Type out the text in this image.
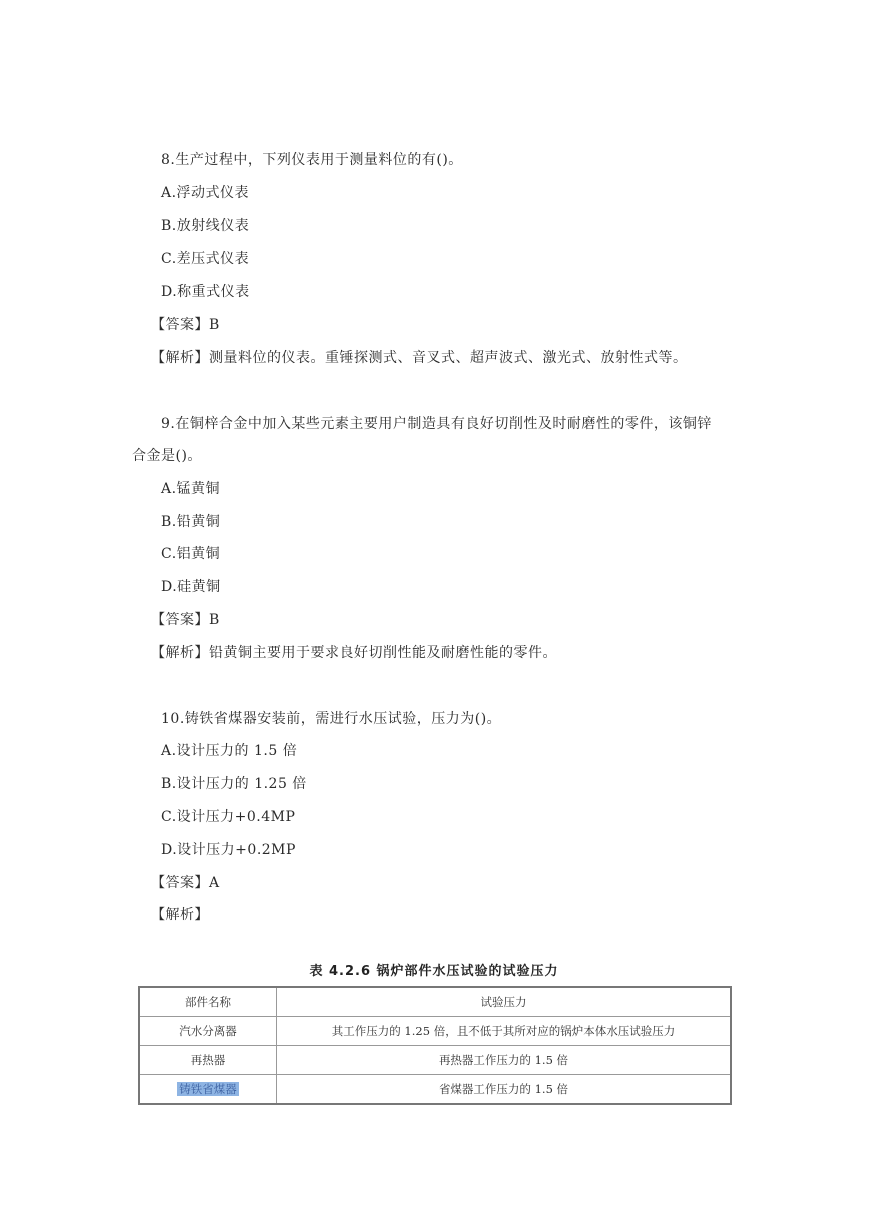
8.生产过程中，下列仪表用于测量料位的有()。
A.浮动式仪表
B.放射线仪表
C.差压式仪表
D.称重式仪表
【答案】B
【解析】测量料位的仪表。重锤探测式、音叉式、超声波式、激光式、放射性式等。
9.在铜梓合金中加入某些元素主要用户制造具有良好切削性及时耐磨性的零件，该铜锌
合金是()。
A.锰黄铜
B.铅黄铜
C.铝黄铜
D.硅黄铜
【答案】B
【解析】铅黄铜主要用于要求良好切削性能及耐磨性能的零件。
10.铸铁省煤器安装前，需进行水压试验，压力为()。
A.设计压力的 1.5 倍
B.设计压力的 1.25 倍
C.设计压力+0.4MP
D.设计压力+0.2MP
【答案】A
【解析】
表 4.2.6 锅炉部件水压试验的试验压力
部件名称	试验压力
汽水分离器	其工作压力的 1.25 倍，且不低于其所对应的锅炉本体水压试验压力
再热器	再热器工作压力的 1.5 倍
铸铁省煤器	省煤器工作压力的 1.5 倍
